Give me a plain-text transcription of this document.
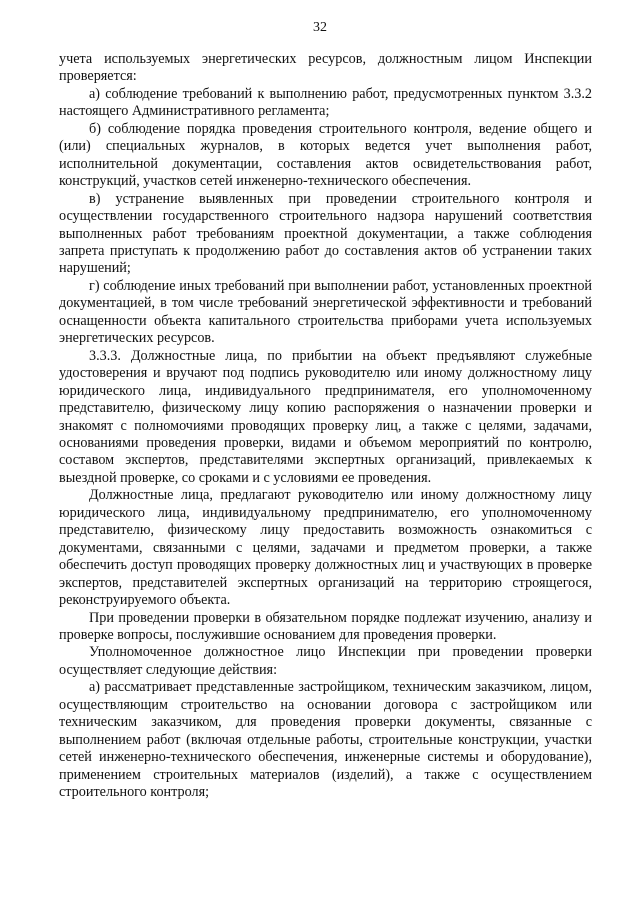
32

учета используемых энергетических ресурсов, должностным лицом Инспекции проверяется:

а) соблюдение требований к выполнению работ, предусмотренных пунктом 3.3.2 настоящего Административного регламента;

б) соблюдение порядка проведения строительного контроля, ведение общего и (или) специальных журналов, в которых ведется учет выполнения работ, исполнительной документации, составления актов освидетельствования работ, конструкций, участков сетей инженерно-технического обеспечения.

в) устранение выявленных при проведении строительного контроля и осуществлении государственного строительного надзора нарушений соответствия выполненных работ требованиям проектной документации, а также соблюдения запрета приступать к продолжению работ до составления актов об устранении таких нарушений;

г) соблюдение иных требований при выполнении работ, установленных проектной документацией, в том числе требований энергетической эффективности и требований оснащенности объекта капитального строительства приборами учета используемых энергетических ресурсов.

3.3.3. Должностные лица, по прибытии на объект предъявляют служебные удостоверения и вручают под подпись руководителю или иному должностному лицу юридического лица, индивидуального предпринимателя, его уполномоченному представителю, физическому лицу копию распоряжения о назначении проверки и знакомят с полномочиями проводящих проверку лиц, а также с целями, задачами, основаниями проведения проверки, видами и объемом мероприятий по контролю, составом экспертов, представителями экспертных организаций, привлекаемых к выездной проверке, со сроками и с условиями ее проведения.

Должностные лица, предлагают руководителю или иному должностному лицу юридического лица, индивидуальному предпринимателю, его уполномоченному представителю, физическому лицу предоставить возможность ознакомиться с документами, связанными с целями, задачами и предметом проверки, а также обеспечить доступ проводящих проверку должностных лиц и участвующих в проверке экспертов, представителей экспертных организаций на территорию строящегося, реконструируемого объекта.

При проведении проверки в обязательном порядке подлежат изучению, анализу и проверке вопросы, послужившие основанием для проведения проверки.

Уполномоченное должностное лицо Инспекции при проведении проверки осуществляет следующие действия:

а) рассматривает представленные застройщиком, техническим заказчиком, лицом, осуществляющим строительство на основании договора с застройщиком или техническим заказчиком, для проведения проверки документы, связанные с выполнением работ (включая отдельные работы, строительные конструкции, участки сетей инженерно-технического обеспечения, инженерные системы и оборудование), применением строительных материалов (изделий), а также с осуществлением строительного контроля;
